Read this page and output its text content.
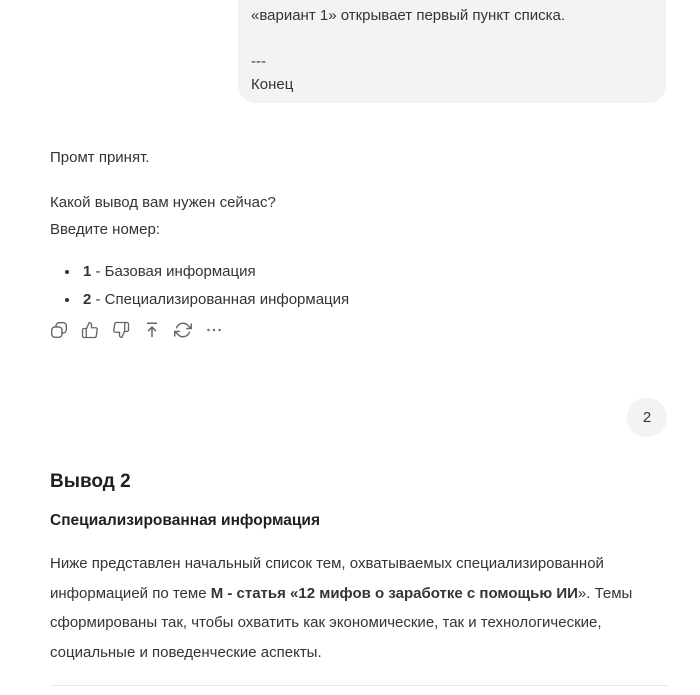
«вариант 1» открывает первый пункт списка.
---
Конец

Промт принят.

Какой вывод вам нужен сейчас?
Введите номер:

• 1 - Базовая информация
• 2 - Специализированная информация
2
Вывод 2
Специализированная информация

Ниже представлен начальный список тем, охватываемых специализированной информацией по теме М - статья «12 мифов о заработке с помощью ИИ». Темы сформированы так, чтобы охватить как экономические, так и технологические, социальные и поведенческие аспекты.
